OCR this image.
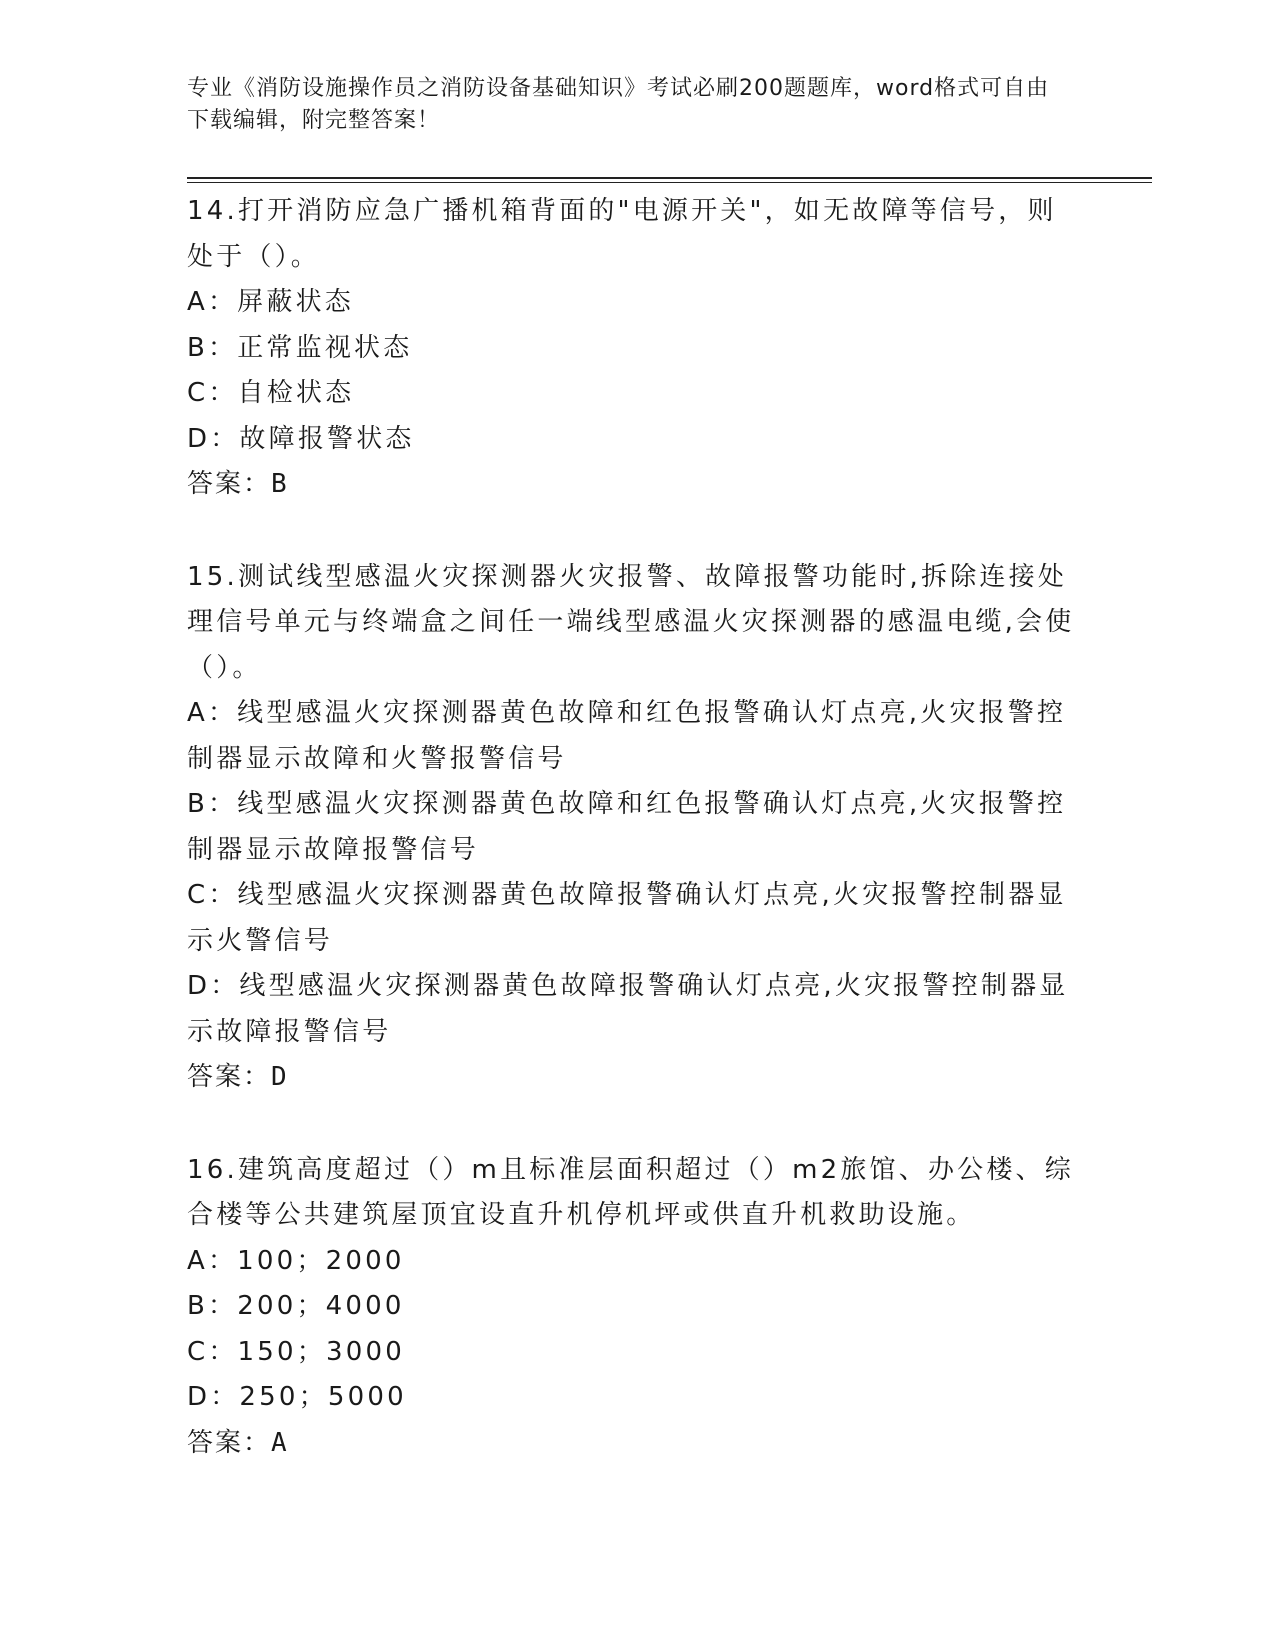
专业《消防设施操作员之消防设备基础知识》考试必刷200题题库，word格式可自由下载编辑，附完整答案！
14.打开消防应急广播机箱背面的"电源开关"，如无故障等信号，则处于（）。
A：屏蔽状态
B：正常监视状态
C：自检状态
D：故障报警状态
答案：B
15.测试线型感温火灾探测器火灾报警、故障报警功能时,拆除连接处理信号单元与终端盒之间任一端线型感温火灾探测器的感温电缆,会使（）。
A：线型感温火灾探测器黄色故障和红色报警确认灯点亮,火灾报警控制器显示故障和火警报警信号
B：线型感温火灾探测器黄色故障和红色报警确认灯点亮,火灾报警控制器显示故障报警信号
C：线型感温火灾探测器黄色故障报警确认灯点亮,火灾报警控制器显示火警信号
D：线型感温火灾探测器黄色故障报警确认灯点亮,火灾报警控制器显示故障报警信号
答案：D
16.建筑高度超过（）m且标准层面积超过（）m2旅馆、办公楼、综合楼等公共建筑屋顶宜设直升机停机坪或供直升机救助设施。
A：100；2000
B：200；4000
C：150；3000
D：250；5000
答案：A
